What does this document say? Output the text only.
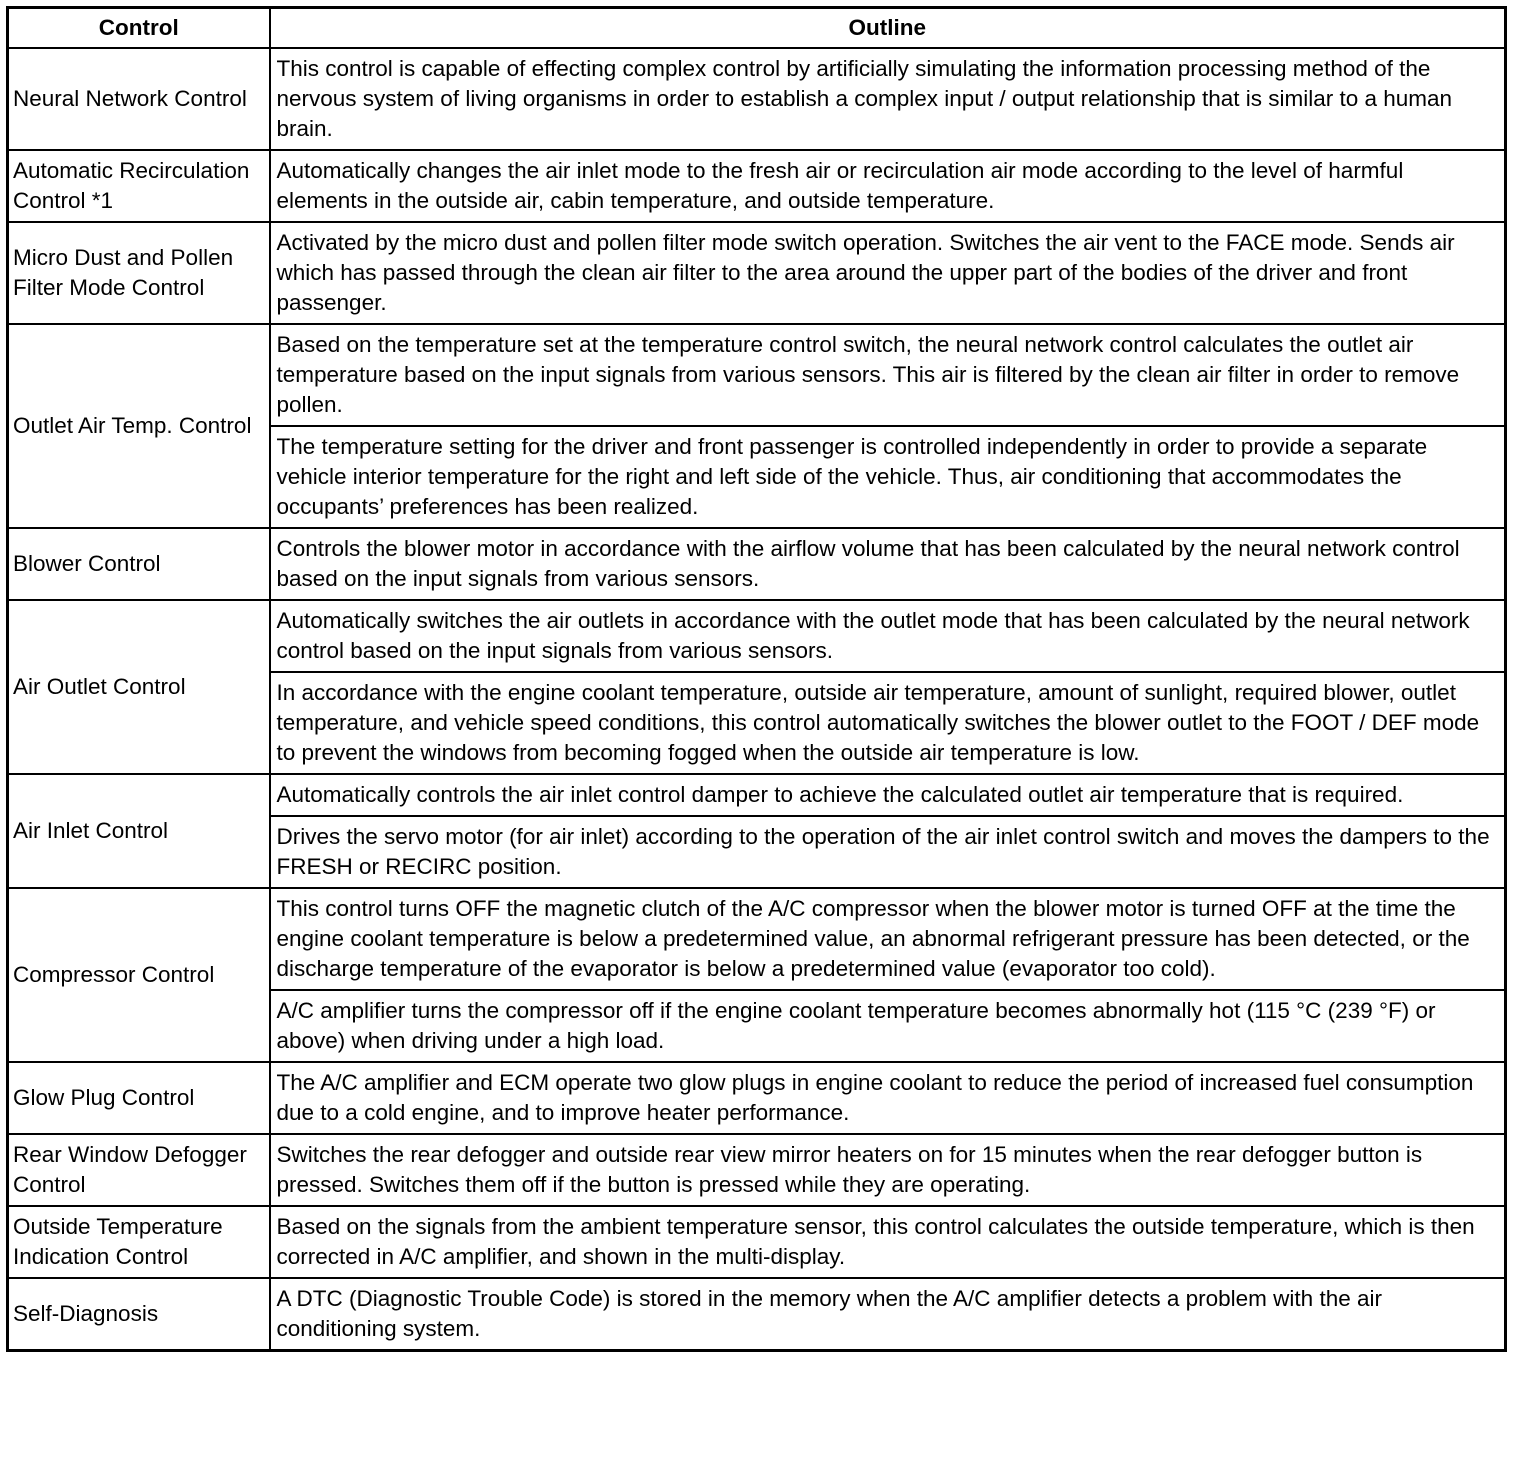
Control	Outline
Neural Network Control	This control is capable of effecting complex control by artificially simulating the information processing method of the nervous system of living organisms in order to establish a complex input / output relationship that is similar to a human brain.
Automatic Recirculation Control *1	Automatically changes the air inlet mode to the fresh air or recirculation air mode according to the level of harmful elements in the outside air, cabin temperature, and outside temperature.
Micro Dust and Pollen Filter Mode Control	Activated by the micro dust and pollen filter mode switch operation. Switches the air vent to the FACE mode. Sends air which has passed through the clean air filter to the area around the upper part of the bodies of the driver and front passenger.
Outlet Air Temp. Control	Based on the temperature set at the temperature control switch, the neural network control calculates the outlet air temperature based on the input signals from various sensors. This air is filtered by the clean air filter in order to remove pollen.
	The temperature setting for the driver and front passenger is controlled independently in order to provide a separate vehicle interior temperature for the right and left side of the vehicle. Thus, air conditioning that accommodates the occupants’ preferences has been realized.
Blower Control	Controls the blower motor in accordance with the airflow volume that has been calculated by the neural network control based on the input signals from various sensors.
Air Outlet Control	Automatically switches the air outlets in accordance with the outlet mode that has been calculated by the neural network control based on the input signals from various sensors.
	In accordance with the engine coolant temperature, outside air temperature, amount of sunlight, required blower, outlet temperature, and vehicle speed conditions, this control automatically switches the blower outlet to the FOOT / DEF mode to prevent the windows from becoming fogged when the outside air temperature is low.
Air Inlet Control	Automatically controls the air inlet control damper to achieve the calculated outlet air temperature that is required.
	Drives the servo motor (for air inlet) according to the operation of the air inlet control switch and moves the dampers to the FRESH or RECIRC position.
Compressor Control	This control turns OFF the magnetic clutch of the A/C compressor when the blower motor is turned OFF at the time the engine coolant temperature is below a predetermined value, an abnormal refrigerant pressure has been detected, or the discharge temperature of the evaporator is below a predetermined value (evaporator too cold).
	A/C amplifier turns the compressor off if the engine coolant temperature becomes abnormally hot (115 °C (239 °F) or above) when driving under a high load.
Glow Plug Control	The A/C amplifier and ECM operate two glow plugs in engine coolant to reduce the period of increased fuel consumption due to a cold engine, and to improve heater performance.
Rear Window Defogger Control	Switches the rear defogger and outside rear view mirror heaters on for 15 minutes when the rear defogger button is pressed. Switches them off if the button is pressed while they are operating.
Outside Temperature Indication Control	Based on the signals from the ambient temperature sensor, this control calculates the outside temperature, which is then corrected in A/C amplifier, and shown in the multi-display.
Self-Diagnosis	A DTC (Diagnostic Trouble Code) is stored in the memory when the A/C amplifier detects a problem with the air conditioning system.
